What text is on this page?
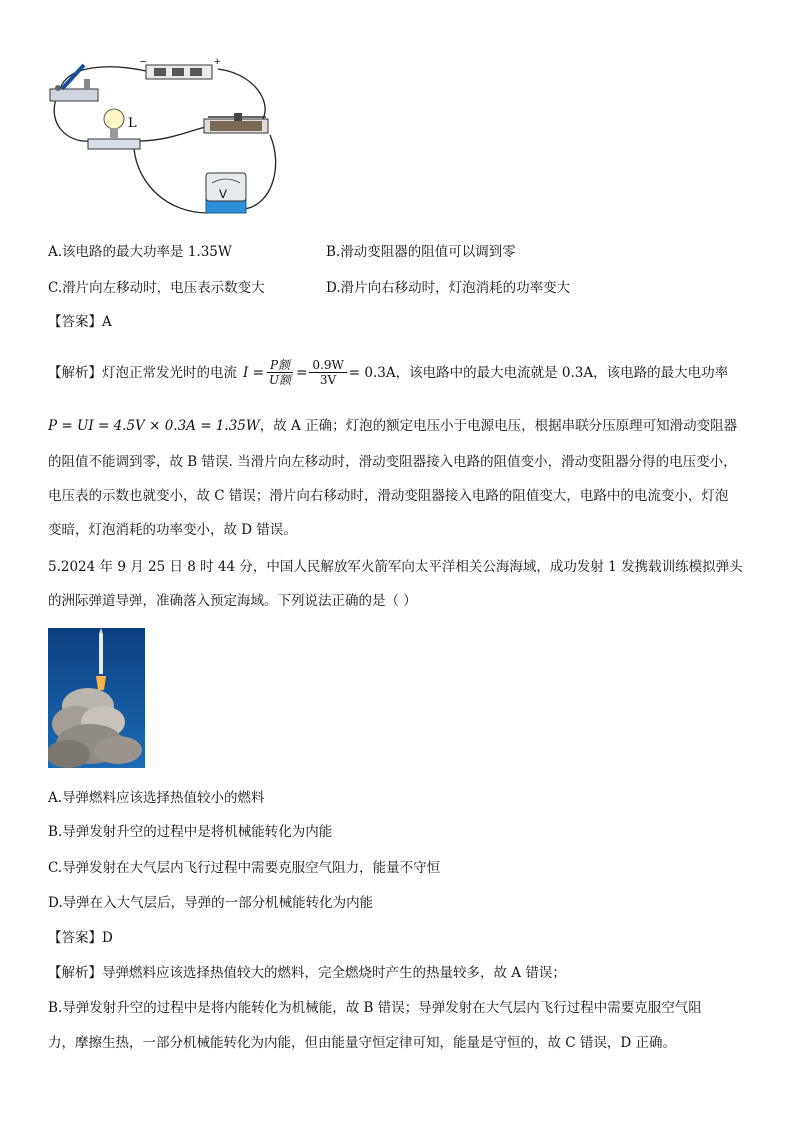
−	+
L
V
A.该电路的最大功率是 1.35W	B.滑动变阻器的阻值可以调到零
C.滑片向左移动时，电压表示数变大	D.滑片向右移动时，灯泡消耗的功率变大
【答案】A
【解析】灯泡正常发光时的电流 $I = \frac{\text{P额}}{\text{U额}} = \frac{0.9W}{3V} = 0.3A$ ，该电路中的最大电流就是 0.3A，该电路的最大电功率
P = UI = 4.5V × 0.3A = 1.35W，故 A 正确；灯泡的额定电压小于电源电压，根据串联分压原理可知滑动变阻器
的阻值不能调到零，故 B 错误. 当滑片向左移动时，滑动变阻器接入电路的阻值变小，滑动变阻器分得的电压变小，
电压表的示数也就变小，故 C 错误；滑片向右移动时，滑动变阻器接入电路的阻值变大，电路中的电流变小，灯泡
变暗，灯泡消耗的功率变小，故 D 错误。
5.2024 年 9 月 25 日 8 时 44 分，中国人民解放军火箭军向太平洋相关公海海域，成功发射 1 发携载训练模拟弹头
的洲际弹道导弹，准确落入预定海域。下列说法正确的是（ ）
A.导弹燃料应该选择热值较小的燃料
B.导弹发射升空的过程中是将机械能转化为内能
C.导弹发射在大气层内飞行过程中需要克服空气阻力，能量不守恒
D.导弹在入大气层后，导弹的一部分机械能转化为内能
【答案】D
【解析】导弹燃料应该选择热值较大的燃料，完全燃烧时产生的热量较多，故 A 错误；
B.导弹发射升空的过程中是将内能转化为机械能，故 B 错误；导弹发射在大气层内飞行过程中需要克服空气阻
力，摩擦生热，一部分机械能转化为内能，但由能量守恒定律可知，能量是守恒的，故 C 错误，D 正确。
